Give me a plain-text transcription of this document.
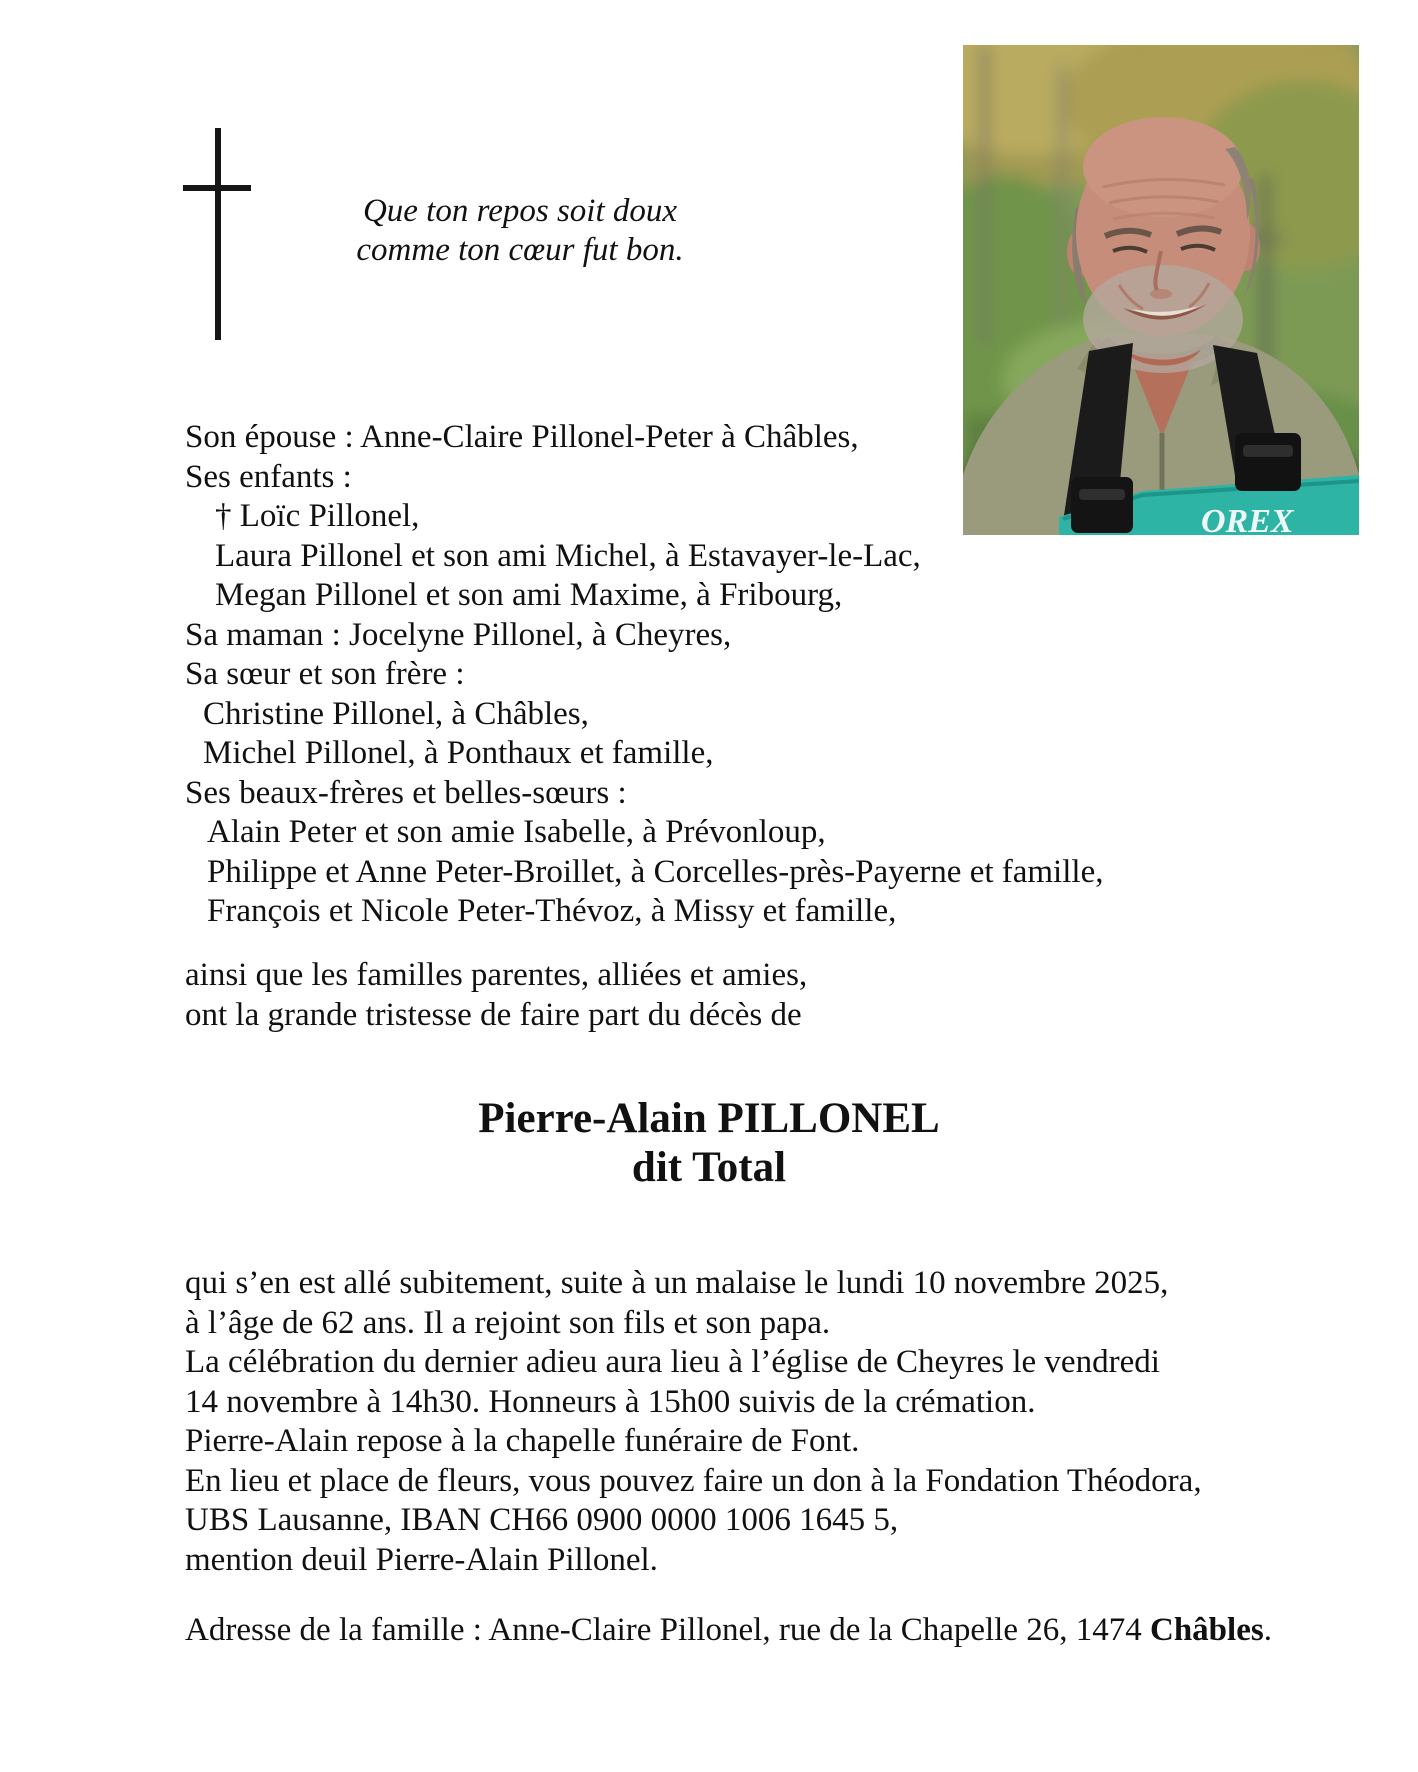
Que ton repos soit doux
comme ton cœur fut bon.
OREX
Son épouse : Anne-Claire Pillonel-Peter à Châbles,
Ses enfants :
† Loïc Pillonel,
Laura Pillonel et son ami Michel, à Estavayer-le-Lac,
Megan Pillonel et son ami Maxime, à Fribourg,
Sa maman : Jocelyne Pillonel, à Cheyres,
Sa sœur et son frère :
Christine Pillonel, à Châbles,
Michel Pillonel, à Ponthaux et famille,
Ses beaux-frères et belles-sœurs :
Alain Peter et son amie Isabelle, à Prévonloup,
Philippe et Anne Peter-Broillet, à Corcelles-près-Payerne et famille,
François et Nicole Peter-Thévoz, à Missy et famille,
ainsi que les familles parentes, alliées et amies,
ont la grande tristesse de faire part du décès de
Pierre-Alain PILLONEL
dit Total
qui s’en est allé subitement, suite à un malaise le lundi 10 novembre 2025,
à l’âge de 62 ans. Il a rejoint son fils et son papa.
La célébration du dernier adieu aura lieu à l’église de Cheyres le vendredi
14 novembre à 14h30. Honneurs à 15h00 suivis de la crémation.
Pierre-Alain repose à la chapelle funéraire de Font.
En lieu et place de fleurs, vous pouvez faire un don à la Fondation Théodora,
UBS Lausanne, IBAN CH66 0900 0000 1006 1645 5,
mention deuil Pierre-Alain Pillonel.
Adresse de la famille : Anne-Claire Pillonel, rue de la Chapelle 26, 1474 Châbles.
